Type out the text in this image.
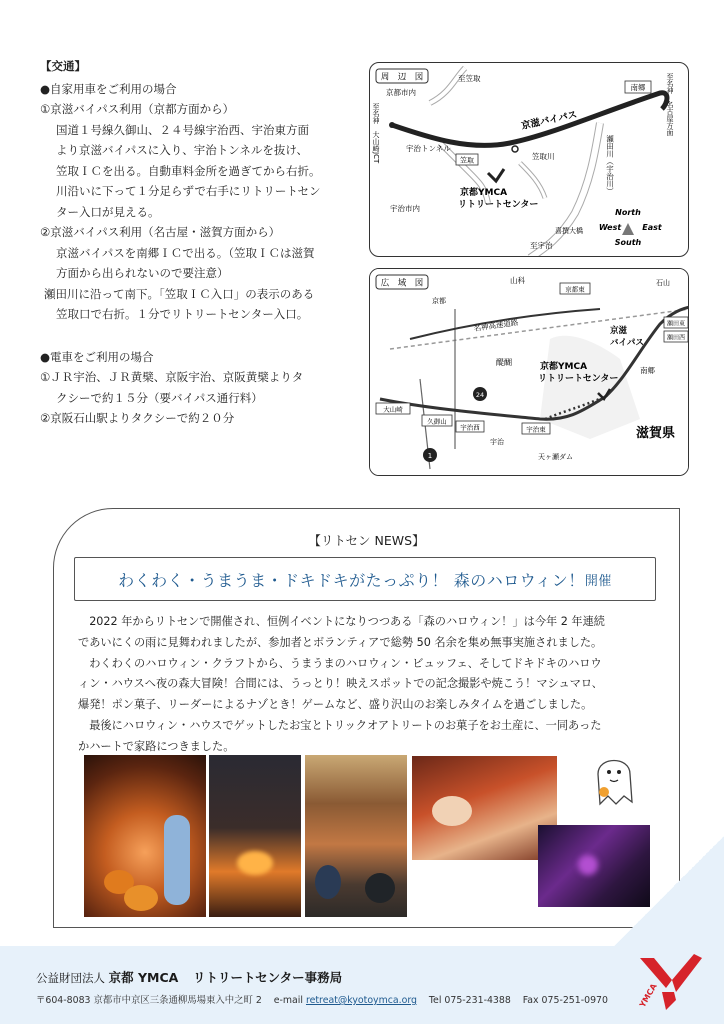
【交通】
●自家用車をご利用の場合
①京滋バイパス利用（京都方面から）
国道１号線久御山、２４号線宇治西、宇治東方面
より京滋バイパスに入り、宇治トンネルを抜け、
笠取ＩＣを出る。自動車料金所を過ぎてから右折。
川沿いに下って１分足らずで右手にリトリートセン
ター入口が見える。
②京滋バイパス利用（名古屋・滋賀方面から）
京滋バイパスを南郷ＩＣで出る。（笠取ＩＣは滋賀
方面から出られないので要注意）
瀬田川に沿って南下。「笠取ＩＣ入口」の表示のある
笠取口で右折。１分でリトリートセンター入口。
●電車をご利用の場合
①ＪＲ宇治、ＪＲ黄檗、京阪宇治、京阪黄檗よりタ
クシーで約１５分（要バイパス通行料）
②京阪石山駅よりタクシーで約２０分
周　辺　図
京都市内
至笠取
南郷	至名神　名古屋方面
至名神　大山崎JCT	京滋バイパス
宇治トンネル
笠取	笠取川	瀬田川（宇治川）
京都YMCA
リトリートセンター
宇治市内
喜撰大橋
至宇治
North
South
West	East
広　域　図	山科
京都東
石山
瀬田東
瀬田西
名神高速道路
醍醐
京滋
バイパス
南郷
京都YMCA
リトリートセンター
滋賀県
大山崎
久御山
宇治西	宇治東
天ヶ瀬ダム
宇治
京都
1
24
【リトセン NEWS】
わくわく・うまうま・ドキドキがたっぷり！ 森のハロウィン！ 開催

　2022 年からリトセンで開催され、恒例イベントになりつつある「森のハロウィン！」は今年 2 年連続

であいにくの雨に見舞われましたが、参加者とボランティアで総勢 50 名余を集め無事実施されました。

　わくわくのハロウィン・クラフトから、うまうまのハロウィン・ビュッフェ、そしてドキドキのハロウ

ィン・ハウスへ夜の森大冒険！合間には、うっとり！映えスポットでの記念撮影や焼こう！マシュマロ、

爆発！ポン菓子、リーダーによるナゾとき！ゲームなど、盛り沢山のお楽しみタイムを過ごしました。

　最後にハロウィン・ハウスでゲットしたお宝とトリックオアトリートのお菓子をお土産に、一同あった

かハートで家路につきました。

公益財団法人 京都 YMCA リトリートセンター事務局
〒604-8083 京都市中京区三条通柳馬場東入中之町 2 e-mail retreat@kyotoymca.org Tel 075-231-4388 Fax 075-251-0970	YMCA
